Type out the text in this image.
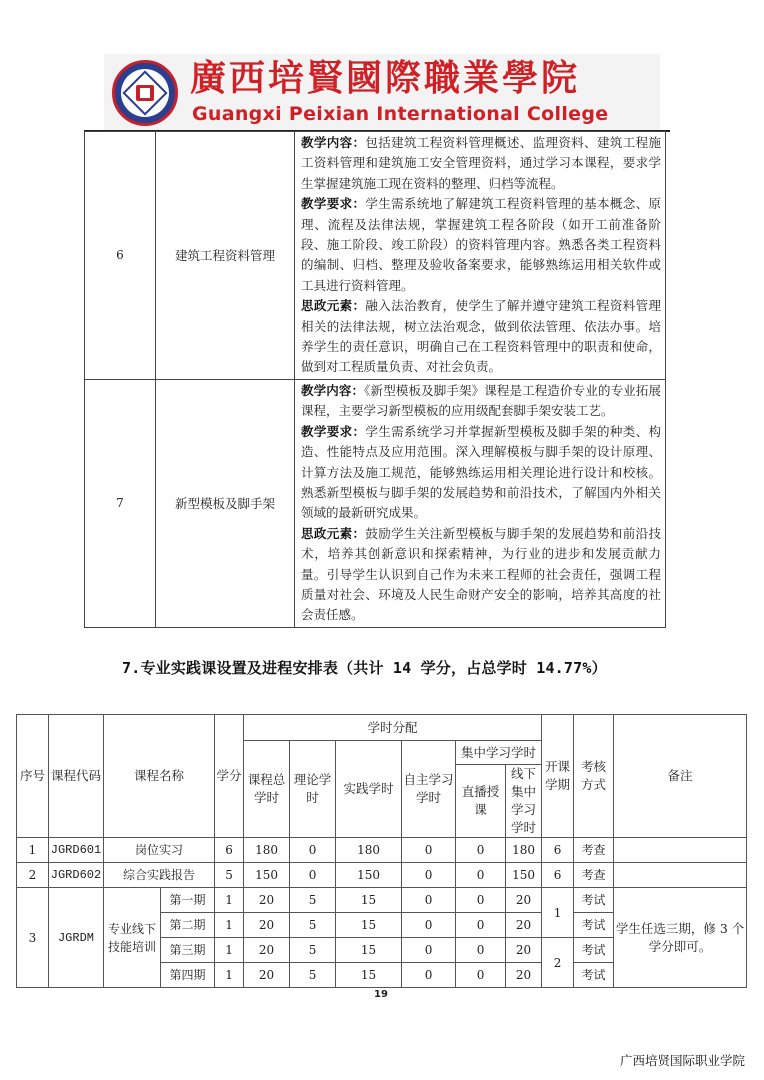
廣西培賢國際職業學院
Guangxi Peixian International College
6	建筑工程资料管理	教学内容：包括建筑工程资料管理概述、监理资料、建筑工程施工资料管理和建筑施工安全管理资料，通过学习本课程，要求学生掌握建筑施工现在资料的整理、归档等流程。
教学要求：学生需系统地了解建筑工程资料管理的基本概念、原理、流程及法律法规，掌握建筑工程各阶段（如开工前准备阶段、施工阶段、竣工阶段）的资料管理内容。熟悉各类工程资料的编制、归档、整理及验收备案要求，能够熟练运用相关软件或工具进行资料管理。
思政元素：融入法治教育，使学生了解并遵守建筑工程资料管理相关的法律法规，树立法治观念，做到依法管理、依法办事。培养学生的责任意识，明确自己在工程资料管理中的职责和使命，做到对工程质量负责、对社会负责。

7	新型模板及脚手架	教学内容：《新型模板及脚手架》课程是工程造价专业的专业拓展课程，主要学习新型模板的应用级配套脚手架安装工艺。
教学要求：学生需系统学习并掌握新型模板及脚手架的种类、构造、性能特点及应用范围。深入理解模板与脚手架的设计原理、计算方法及施工规范，能够熟练运用相关理论进行设计和校核。熟悉新型模板与脚手架的发展趋势和前沿技术，了解国内外相关领域的最新研究成果。
思政元素：鼓励学生关注新型模板与脚手架的发展趋势和前沿技术，培养其创新意识和探索精神，为行业的进步和发展贡献力量。引导学生认识到自己作为未来工程师的社会责任，强调工程质量对社会、环境及人民生命财产安全的影响，培养其高度的社会责任感。
7.专业实践课设置及进程安排表（共计 14 学分，占总学时 14.77%）
序号	课程代码	课程名称		学分	学时分配						开课学期	考核方式	备注
					课程总学时	理论学时	实践学时	自主学习学时	集中学习学时				
									直播授课	线下集中学习学时			
1	JGRD601	岗位实习		6	180	0	180	0	0	180	6	考查	
2	JGRD602	综合实践报告		5	150	0	150	0	0	150	6	考查	
3	JGRDM	专业线下技能培训	第一期	1	20	5	15	0	0	20	1	考试	学生任选三期，修 3 个学分即可。
			第二期	1	20	5	15	0	0	20		考试	
			第三期	1	20	5	15	0	0	20	2	考试	
			第四期	1	20	5	15	0	0	20		考试	
19
广西培贤国际职业学院
